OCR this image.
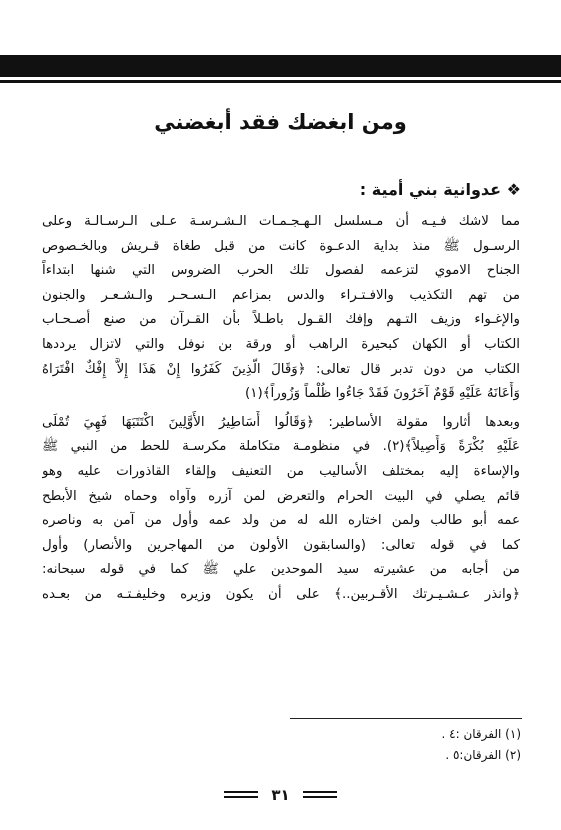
ومن ابغضك فقد أبغضني
❖ عدوانية بني أمية :
مما لاشك فـيـه أن مـسلسل الـهـجـمـات الـشـرسـة عـلى الـرسـالـة وعلى
الرسـول ﷺ منذ بداية الدعـوة كانت من قبل طغاة قـريش وبالخـصوص
الجناح الاموي لتزعمه لفصول تلك الحرب الضروس التي شنها ابتداءاً
من تهم التكذيب والافـتـراء والدس بمزاعم الـسـحـر والـشـعـر والجنون
والإغـواء وزيف التـهم وإفك القـول باطـلاً بأن القـرآن من صنع أصـحـاب
الكتاب أو الكهان كبحيرة الراهب أو ورقة بن نوفل والتي لاتزال يرددها
الكتاب من دون تدبر قال تعالى: ﴿وَقَالَ الَّذِينَ كَفَرُوا إِنْ هَذَا إِلاَّ إِفْكٌ افْتَرَاهُ
وَأَعَانَهُ عَلَيْهِ قَوْمٌ آخَرُونَ فَقَدْ جَاءُوا ظُلْماً وَزُوراً﴾(١)
وبعدها أثاروا مقولة الأساطير: ﴿وَقَالُوا أَسَاطِيرُ الأَوَّلِينَ اكْتَتَبَهَا فَهِيَ تُمْلَى
عَلَيْهِ بُكْرَةً وَأَصِيلاً﴾(٢). في منظومـة متكاملة مكرسـة للحط من النبي ﷺ
والإساءة إليه بمختلف الأساليب من التعنيف وإلقاء القاذورات عليه وهو
قائم يصلي في البيت الحرام والتعرض لمن آزره وآواه وحماه شيخ الأبطح
عمه أبو طالب ولمن اختاره الله له من ولد عمه وأول من آمن به وناصره
كما في قوله تعالى: (والسابقون الأولون من المهاجرين والأنصار) وأول
من أجابه من عشيرته سيد الموحدين علي ﷺ كما في قوله سبحانه:
﴿وانذر عـشـيـرتك الأقـربين..﴾ على أن يكون وزيره وخليفـتـه من بعـده
(١) الفرقان :٤ .
(٢) الفرقان:٥ .
٣١
